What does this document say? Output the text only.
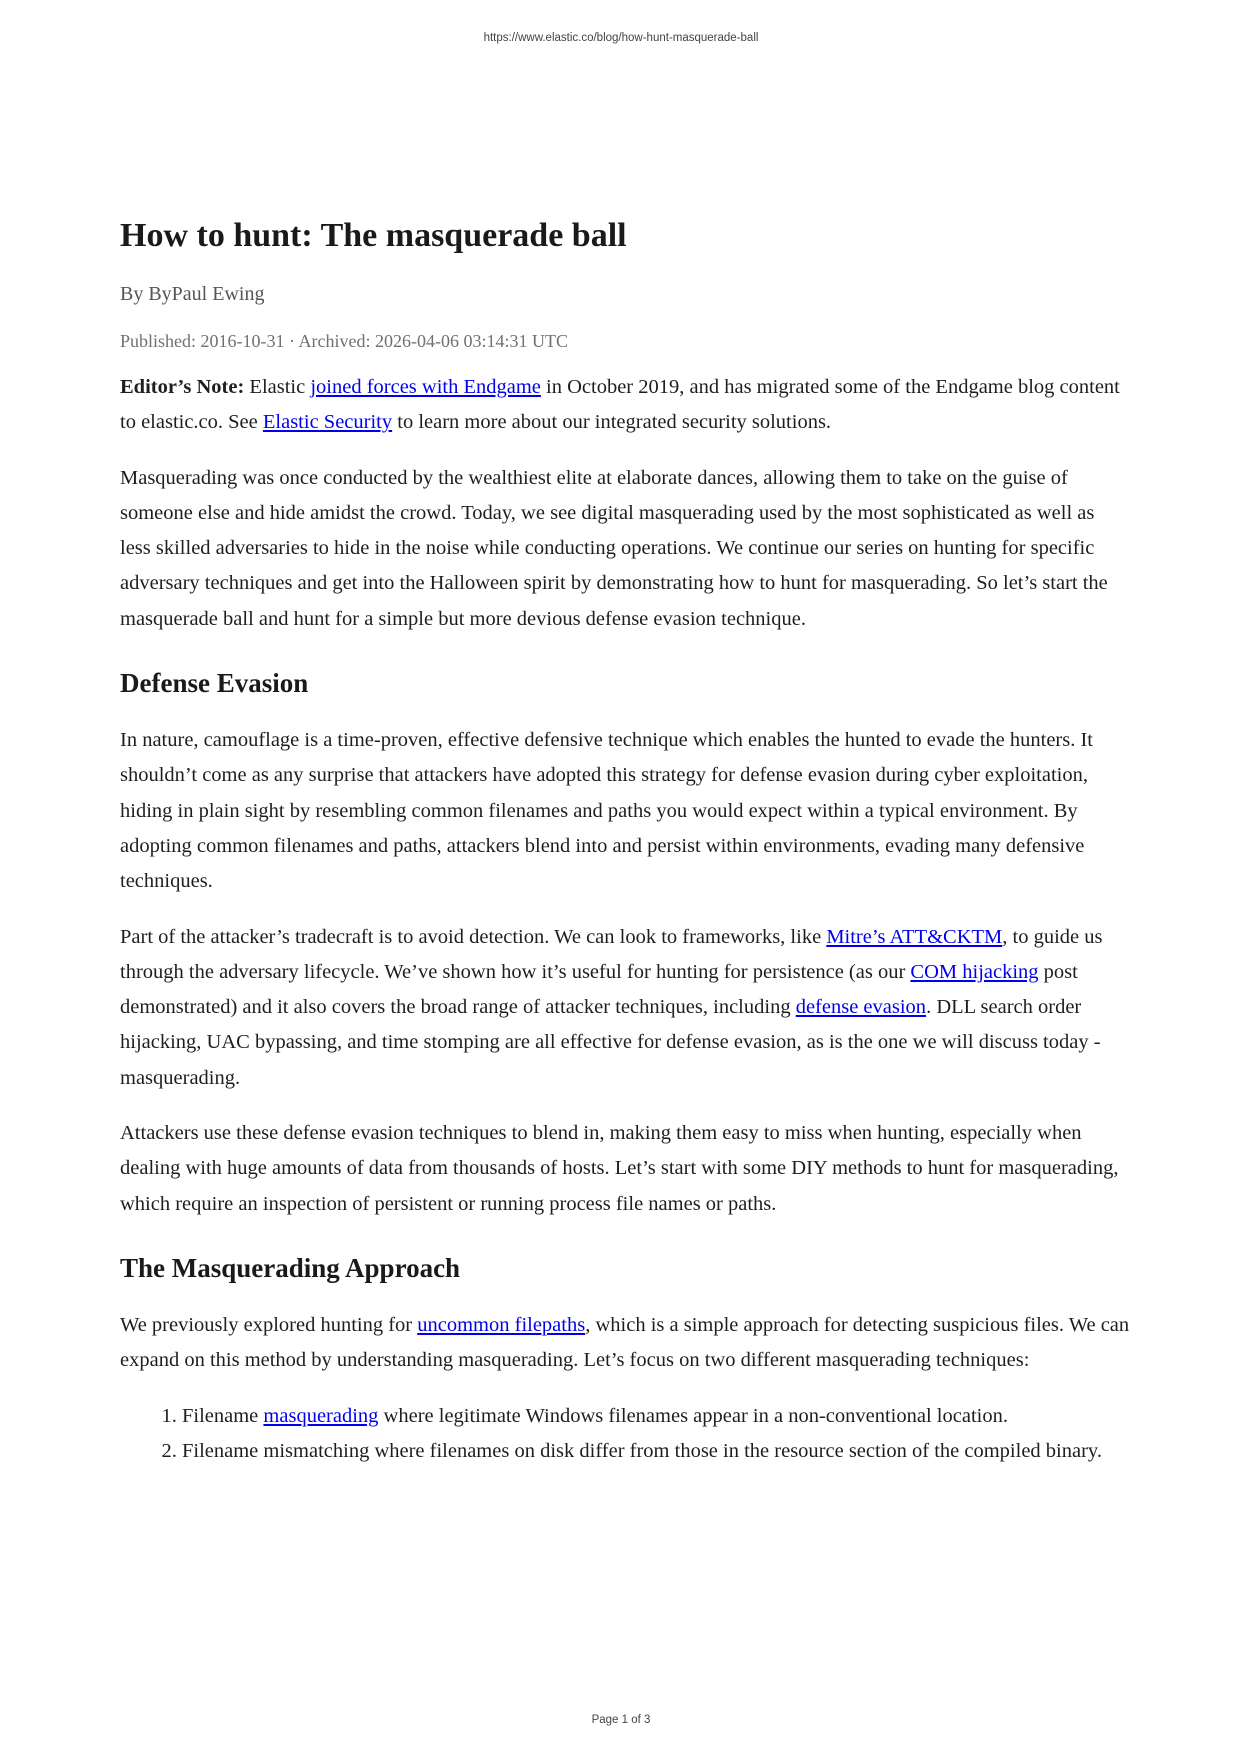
https://www.elastic.co/blog/how-hunt-masquerade-ball
How to hunt: The masquerade ball
By ByPaul Ewing
Published: 2016-10-31 · Archived: 2026-04-06 03:14:31 UTC

Editor’s Note: Elastic joined forces with Endgame in October 2019, and has migrated some of the Endgame blog content to elastic.co. See Elastic Security to learn more about our integrated security solutions.

Masquerading was once conducted by the wealthiest elite at elaborate dances, allowing them to take on the guise of someone else and hide amidst the crowd. Today, we see digital masquerading used by the most sophisticated as well as less skilled adversaries to hide in the noise while conducting operations. We continue our series on hunting for specific adversary techniques and get into the Halloween spirit by demonstrating how to hunt for masquerading. So let’s start the masquerade ball and hunt for a simple but more devious defense evasion technique.

Defense Evasion

In nature, camouflage is a time-proven, effective defensive technique which enables the hunted to evade the hunters. It shouldn’t come as any surprise that attackers have adopted this strategy for defense evasion during cyber exploitation, hiding in plain sight by resembling common filenames and paths you would expect within a typical environment. By adopting common filenames and paths, attackers blend into and persist within environments, evading many defensive techniques.

Part of the attacker’s tradecraft is to avoid detection. We can look to frameworks, like Mitre’s ATT&CKTM, to guide us through the adversary lifecycle. We’ve shown how it’s useful for hunting for persistence (as our COM hijacking post demonstrated) and it also covers the broad range of attacker techniques, including defense evasion. DLL search order hijacking, UAC bypassing, and time stomping are all effective for defense evasion, as is the one we will discuss today - masquerading.

Attackers use these defense evasion techniques to blend in, making them easy to miss when hunting, especially when dealing with huge amounts of data from thousands of hosts. Let’s start with some DIY methods to hunt for masquerading, which require an inspection of persistent or running process file names or paths.

The Masquerading Approach

We previously explored hunting for uncommon filepaths, which is a simple approach for detecting suspicious files. We can expand on this method by understanding masquerading. Let’s focus on two different masquerading techniques:

1. Filename masquerading where legitimate Windows filenames appear in a non-conventional location.
2. Filename mismatching where filenames on disk differ from those in the resource section of the compiled binary.
Page 1 of 3
